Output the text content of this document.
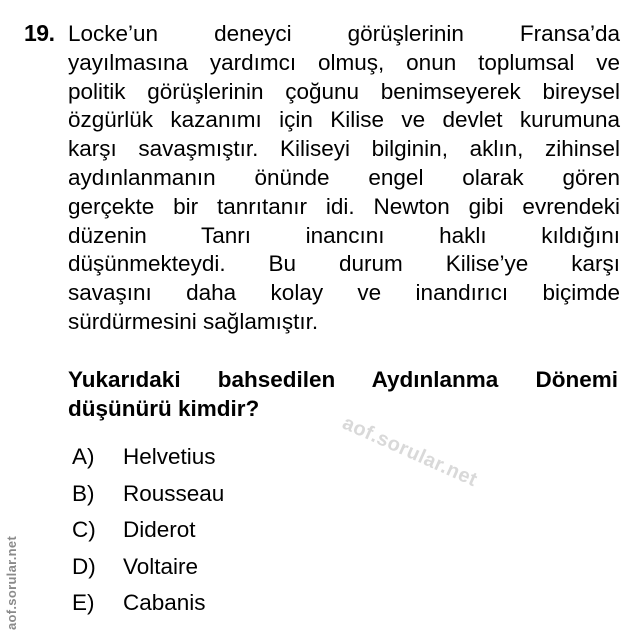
19. Locke’un deneyci görüşlerinin Fransa’da
yayılmasına yardımcı olmuş, onun toplumsal ve
politik görüşlerinin çoğunu benimseyerek bireysel
özgürlük kazanımı için Kilise ve devlet kurumuna
karşı savaşmıştır. Kiliseyi bilginin, aklın, zihinsel
aydınlanmanın önünde engel olarak gören
gerçekte bir tanrıtanır idi. Newton gibi evrendeki
düzenin Tanrı inancını haklı kıldığını
düşünmekteydi. Bu durum Kilise’ye karşı
savaşını daha kolay ve inandırıcı biçimde
sürdürmesini sağlamıştır.
Yukarıdaki bahsedilen Aydınlanma Dönemi
düşünürü kimdir?
A)	Helvetius
B)	Rousseau
C)	Diderot
D)	Voltaire
E)	Cabanis
aof.sorular.net
aof.sorular.net
